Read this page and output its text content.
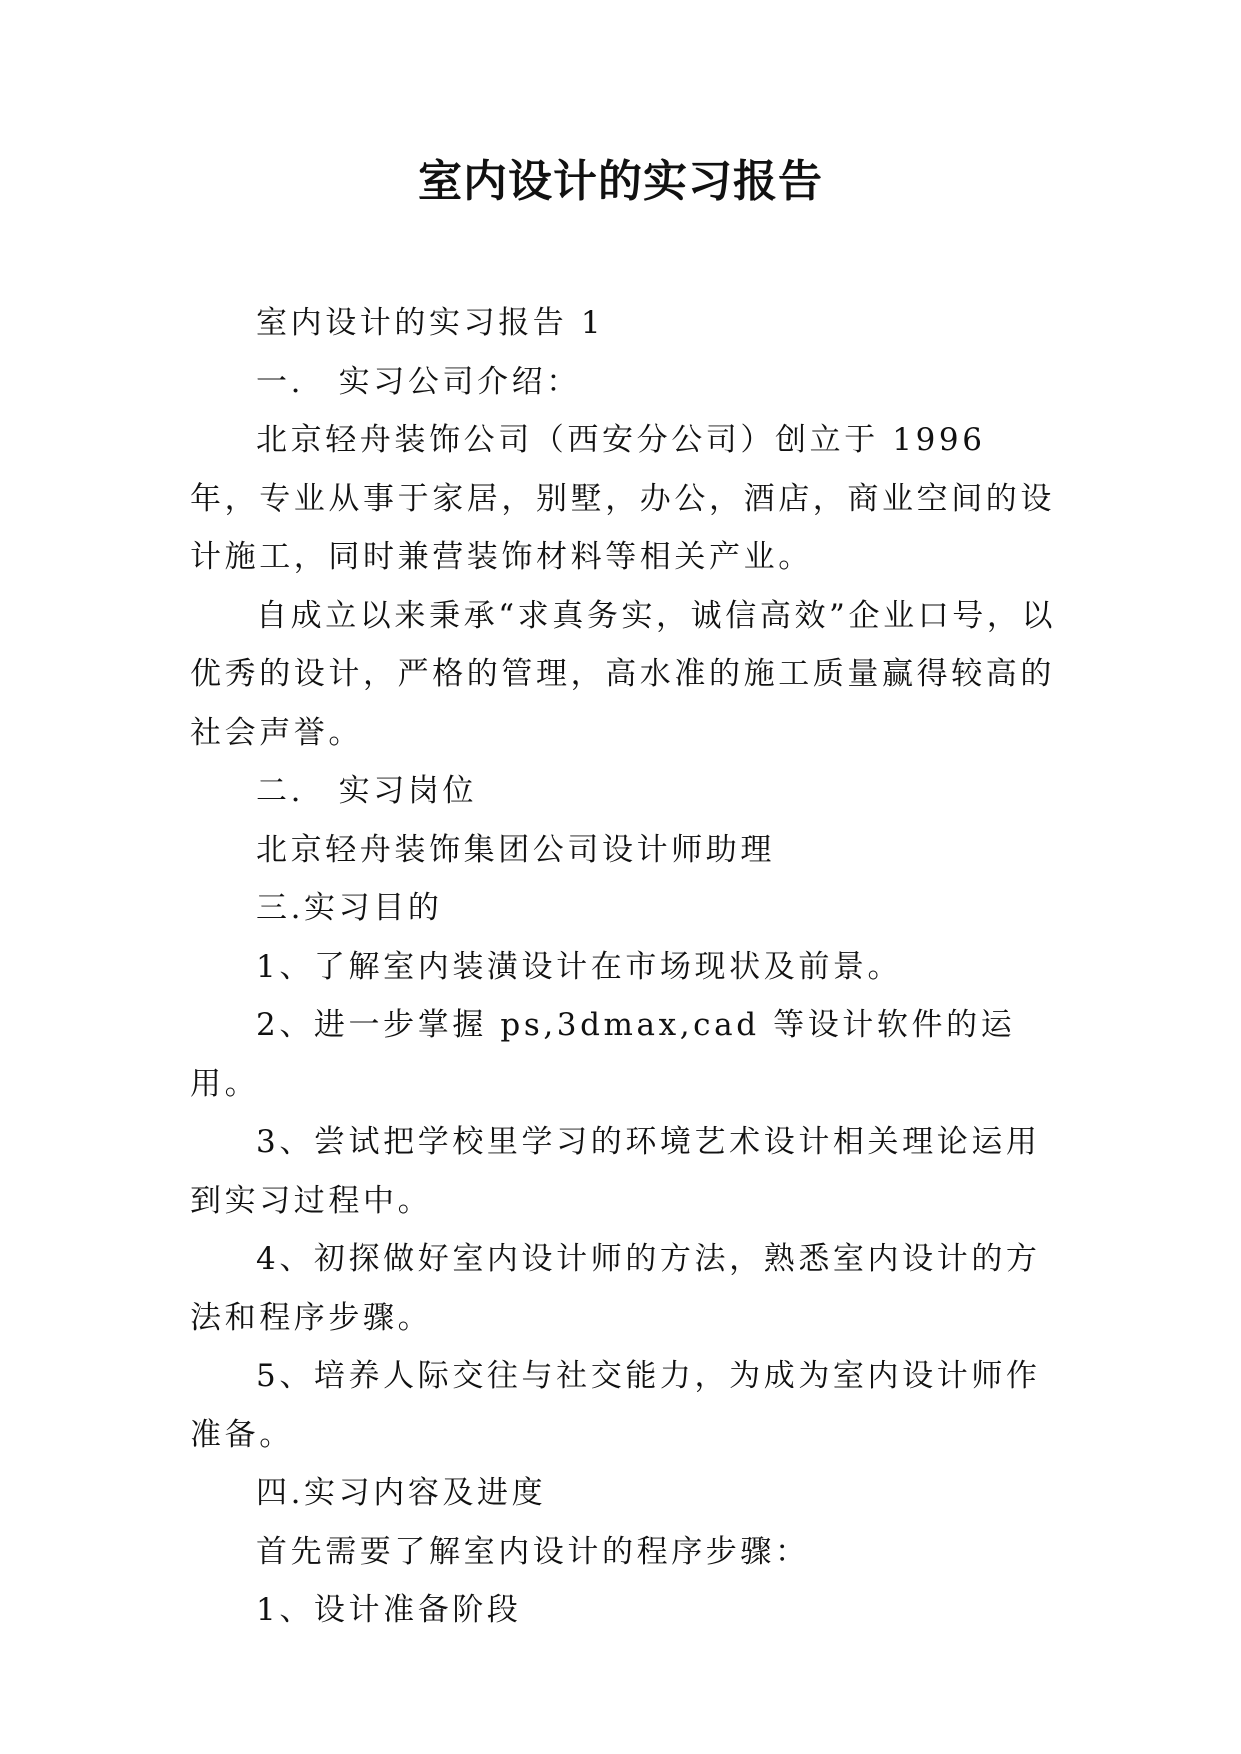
室内设计的实习报告

室内设计的实习报告 1

一.　实习公司介绍：

北京轻舟装饰公司（西安分公司）创立于 1996 年，专业从事于家居，别墅，办公，酒店，商业空间的设计施工，同时兼营装饰材料等相关产业。

自成立以来秉承“求真务实，诚信高效”企业口号，以优秀的设计，严格的管理，高水准的施工质量赢得较高的社会声誉。

二.　实习岗位

北京轻舟装饰集团公司设计师助理

三.实习目的

1、了解室内装潢设计在市场现状及前景。

2、进一步掌握 ps,3dmax,cad 等设计软件的运用。

3、尝试把学校里学习的环境艺术设计相关理论运用到实习过程中。

4、初探做好室内设计师的方法，熟悉室内设计的方法和程序步骤。

5、培养人际交往与社交能力，为成为室内设计师作准备。

四.实习内容及进度

首先需要了解室内设计的程序步骤：

1、设计准备阶段
